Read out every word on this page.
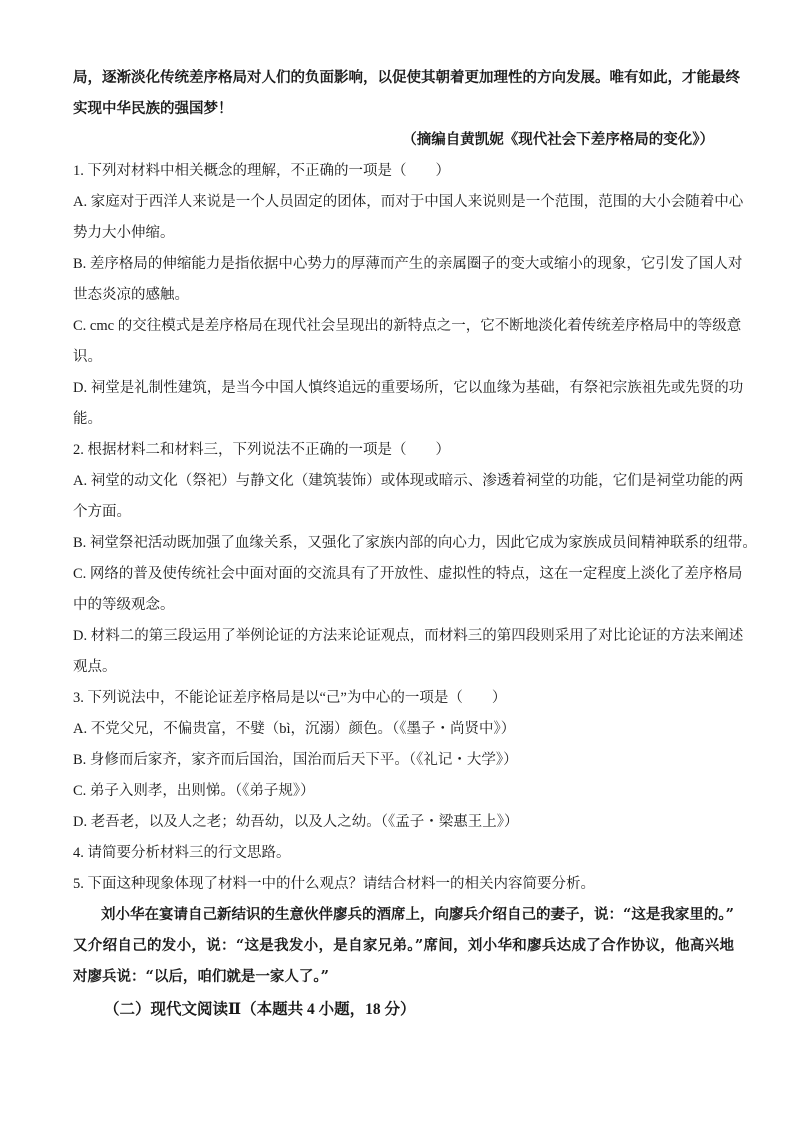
局，逐渐淡化传统差序格局对人们的负面影响，以促使其朝着更加理性的方向发展。唯有如此，才能最终
实现中华民族的强国梦！
（摘编自黄凯妮《现代社会下差序格局的变化》）
1. 下列对材料中相关概念的理解，不正确的一项是（　　）
A. 家庭对于西洋人来说是一个人员固定的团体，而对于中国人来说则是一个范围，范围的大小会随着中心
势力大小伸缩。
B. 差序格局的伸缩能力是指依据中心势力的厚薄而产生的亲属圈子的变大或缩小的现象，它引发了国人对
世态炎凉的感触。
C. cmc 的交往模式是差序格局在现代社会呈现出的新特点之一，它不断地淡化着传统差序格局中的等级意
识。
D. 祠堂是礼制性建筑，是当今中国人慎终追远的重要场所，它以血缘为基础，有祭祀宗族祖先或先贤的功
能。
2. 根据材料二和材料三，下列说法不正确的一项是（　　）
A. 祠堂的动文化（祭祀）与静文化（建筑装饰）或体现或暗示、渗透着祠堂的功能，它们是祠堂功能的两
个方面。
B. 祠堂祭祀活动既加强了血缘关系，又强化了家族内部的向心力，因此它成为家族成员间精神联系的纽带。
C. 网络的普及使传统社会中面对面的交流具有了开放性、虚拟性的特点，这在一定程度上淡化了差序格局
中的等级观念。
D. 材料二的第三段运用了举例论证的方法来论证观点，而材料三的第四段则采用了对比论证的方法来阐述
观点。
3. 下列说法中，不能论证差序格局是以“己”为中心的一项是（　　）
A. 不党父兄，不偏贵富，不嬖（bì，沉溺）颜色。（《墨子・尚贤中》）
B. 身修而后家齐，家齐而后国治，国治而后天下平。（《礼记・大学》）
C. 弟子入则孝，出则悌。（《弟子规》）
D. 老吾老，以及人之老；幼吾幼，以及人之幼。（《孟子・梁惠王上》）
4. 请简要分析材料三的行文思路。
5. 下面这种现象体现了材料一中的什么观点？请结合材料一的相关内容简要分析。
刘小华在宴请自己新结识的生意伙伴廖兵的酒席上，向廖兵介绍自己的妻子，说：“这是我家里的。”
又介绍自己的发小，说：“这是我发小，是自家兄弟。”席间，刘小华和廖兵达成了合作协议，他高兴地
对廖兵说：“以后，咱们就是一家人了。”
（二）现代文阅读Ⅱ（本题共 4 小题，18 分）
